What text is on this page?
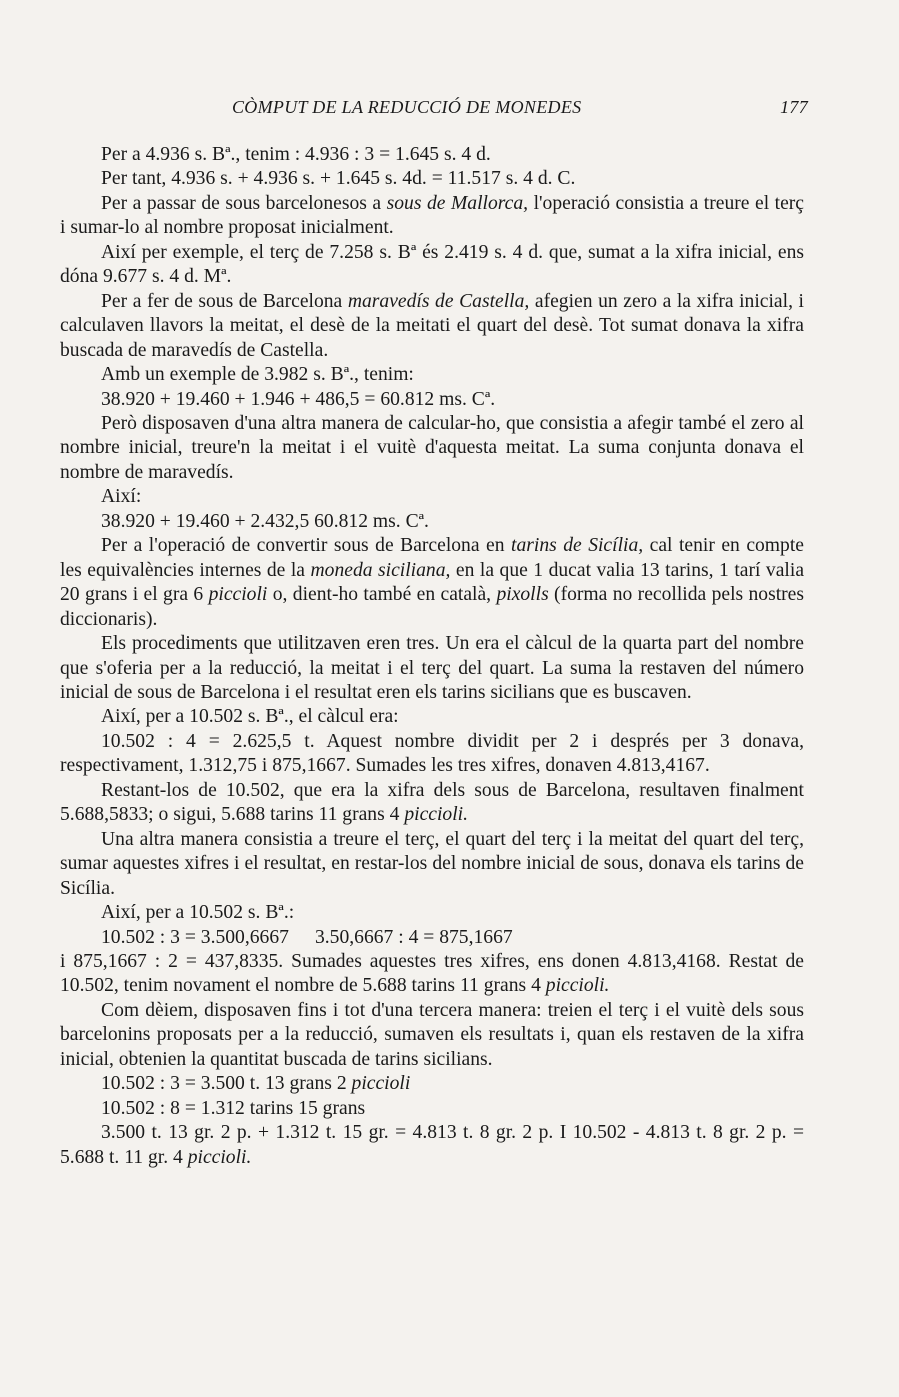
CÒMPUT DE LA REDUCCIÓ DE MONEDES	177

Per a 4.936 s. Bª., tenim : 4.936 : 3 = 1.645 s. 4 d.

Per tant, 4.936 s. + 4.936 s. + 1.645 s. 4d. = 11.517 s. 4 d. C.

Per a passar de sous barcelonesos a sous de Mallorca, l'operació consistia a treure el terç i sumar-lo al nombre proposat inicialment.

Així per exemple, el terç de 7.258 s. Bª és 2.419 s. 4 d. que, sumat a la xifra inicial, ens dóna 9.677 s. 4 d. Mª.

Per a fer de sous de Barcelona maravedís de Castella, afegien un zero a la xifra inicial, i calculaven llavors la meitat, el desè de la meitati el quart del desè. Tot sumat donava la xifra buscada de maravedís de Castella.

Amb un exemple de 3.982 s. Bª., tenim:

38.920 + 19.460 + 1.946 + 486,5 = 60.812 ms. Cª.

Però disposaven d'una altra manera de calcular-ho, que consistia a afegir també el zero al nombre inicial, treure'n la meitat i el vuitè d'aquesta meitat. La suma conjunta donava el nombre de maravedís.

Així:

38.920 + 19.460 + 2.432,5 60.812 ms. Cª.

Per a l'operació de convertir sous de Barcelona en tarins de Sicília, cal tenir en compte les equivalències internes de la moneda siciliana, en la que 1 ducat valia 13 tarins, 1 tarí valia 20 grans i el gra 6 piccioli o, dient-ho també en català, pixolls (forma no recollida pels nostres diccionaris).

Els procediments que utilitzaven eren tres. Un era el càlcul de la quarta part del nombre que s'oferia per a la reducció, la meitat i el terç del quart. La suma la restaven del número inicial de sous de Barcelona i el resultat eren els tarins sicilians que es buscaven.

Així, per a 10.502 s. Bª., el càlcul era:

10.502 : 4 = 2.625,5 t. Aquest nombre dividit per 2 i després per 3 donava, respectivament, 1.312,75 i 875,1667. Sumades les tres xifres, donaven 4.813,4167.

Restant-los de 10.502, que era la xifra dels sous de Barcelona, resultaven finalment 5.688,5833; o sigui, 5.688 tarins 11 grans 4 piccioli.

Una altra manera consistia a treure el terç, el quart del terç i la meitat del quart del terç, sumar aquestes xifres i el resultat, en restar-los del nombre inicial de sous, donava els tarins de Sicília.

Així, per a 10.502 s. Bª.:

10.502 : 3 = 3.500,6667 3.50,6667 : 4 = 875,1667

i 875,1667 : 2 = 437,8335. Sumades aquestes tres xifres, ens donen 4.813,4168. Restat de 10.502, tenim novament el nombre de 5.688 tarins 11 grans 4 piccioli.

Com dèiem, disposaven fins i tot d'una tercera manera: treien el terç i el vuitè dels sous barcelonins proposats per a la reducció, sumaven els resultats i, quan els restaven de la xifra inicial, obtenien la quantitat buscada de tarins sicilians.

10.502 : 3 = 3.500 t. 13 grans 2 piccioli

10.502 : 8 = 1.312 tarins 15 grans

3.500 t. 13 gr. 2 p. + 1.312 t. 15 gr. = 4.813 t. 8 gr. 2 p. I 10.502 - 4.813 t. 8 gr. 2 p. = 5.688 t. 11 gr. 4 piccioli.
